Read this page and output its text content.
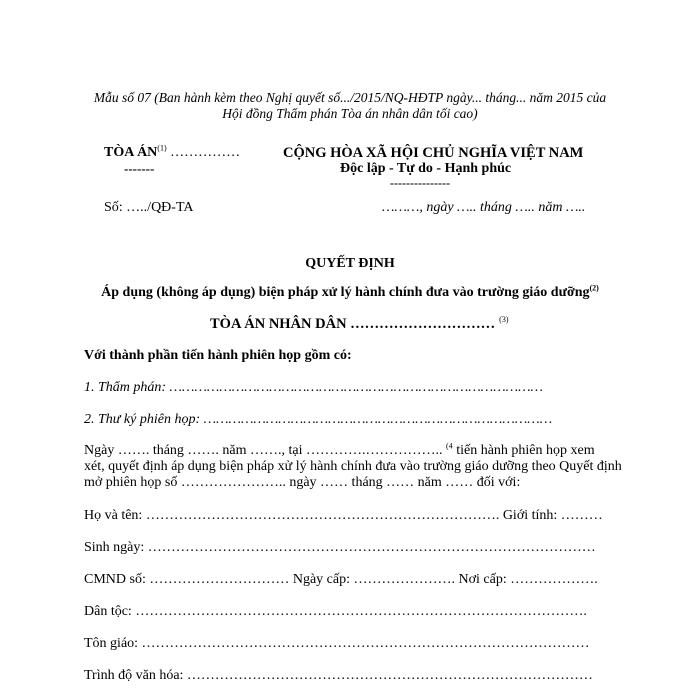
Mẫu số 07 (Ban hành kèm theo Nghị quyết số.../2015/NQ-HĐTP ngày... tháng... năm 2015 của
Hội đồng Thẩm phán Tòa án nhân dân tối cao)
TÒA ÁN$^{(1)}$ ……………
-------
Số: …../QĐ-TA
CỘNG HÒA XÃ HỘI CHỦ NGHĨA VIỆT NAM
Độc lập - Tự do - Hạnh phúc
---------------
………, ngày ….. tháng ….. năm …..
QUYẾT ĐỊNH
Áp dụng (không áp dụng) biện pháp xử lý hành chính đưa vào trường giáo dưỡng$^{(2)}$
TÒA ÁN NHÂN DÂN ………………………… $^{(3)}$
Với thành phần tiến hành phiên họp gồm có:
1. Thẩm phán: ………………………………………………………………………………
2. Thư ký phiên họp: …………………………………………………………………………
Ngày ……. tháng ……. năm ……., tại ………….…………….. $^{(4}$ tiến hành phiên họp xem
xét, quyết định áp dụng biện pháp xử lý hành chính đưa vào trường giáo dưỡng theo Quyết định
mở phiên họp số ………………….. ngày …… tháng …… năm …… đối với:
Họ và tên: …………………………………………………………………. Giới tính: ………
Sinh ngày: ……………………………………………………………………………………
CMND số: ………………………… Ngày cấp: …………………. Nơi cấp: ……………….
Dân tộc: …………………………………………………………………………………….
Tôn giáo: ……………………………………………………………………………………
Trình độ văn hóa: ……………………………………………………………………………
